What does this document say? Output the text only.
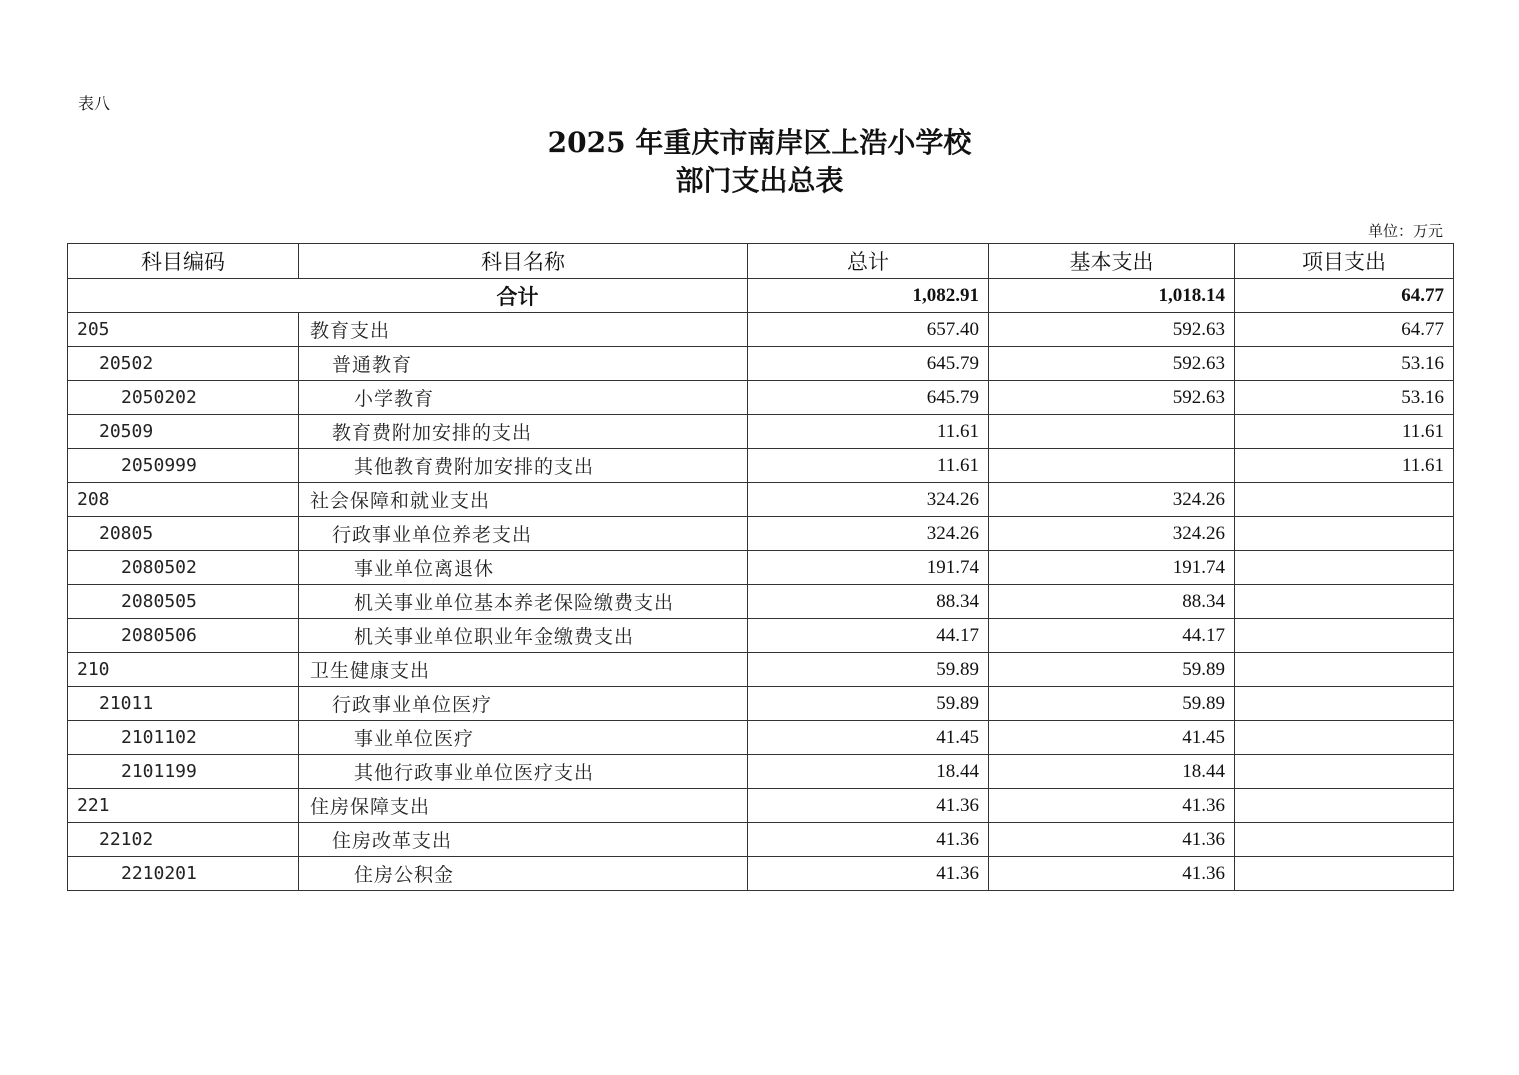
表八
2025 年重庆市南岸区上浩小学校
部门支出总表
单位：万元
科目编码	科目名称	总计	基本支出	项目支出
合计		1,082.91	1,018.14	64.77
205	教育支出	657.40	592.63	64.77
20502	普通教育	645.79	592.63	53.16
2050202	小学教育	645.79	592.63	53.16
20509	教育费附加安排的支出	11.61		11.61
2050999	其他教育费附加安排的支出	11.61		11.61
208	社会保障和就业支出	324.26	324.26	
20805	行政事业单位养老支出	324.26	324.26	
2080502	事业单位离退休	191.74	191.74	
2080505	机关事业单位基本养老保险缴费支出	88.34	88.34	
2080506	机关事业单位职业年金缴费支出	44.17	44.17	
210	卫生健康支出	59.89	59.89	
21011	行政事业单位医疗	59.89	59.89	
2101102	事业单位医疗	41.45	41.45	
2101199	其他行政事业单位医疗支出	18.44	18.44	
221	住房保障支出	41.36	41.36	
22102	住房改革支出	41.36	41.36	
2210201	住房公积金	41.36	41.36	
